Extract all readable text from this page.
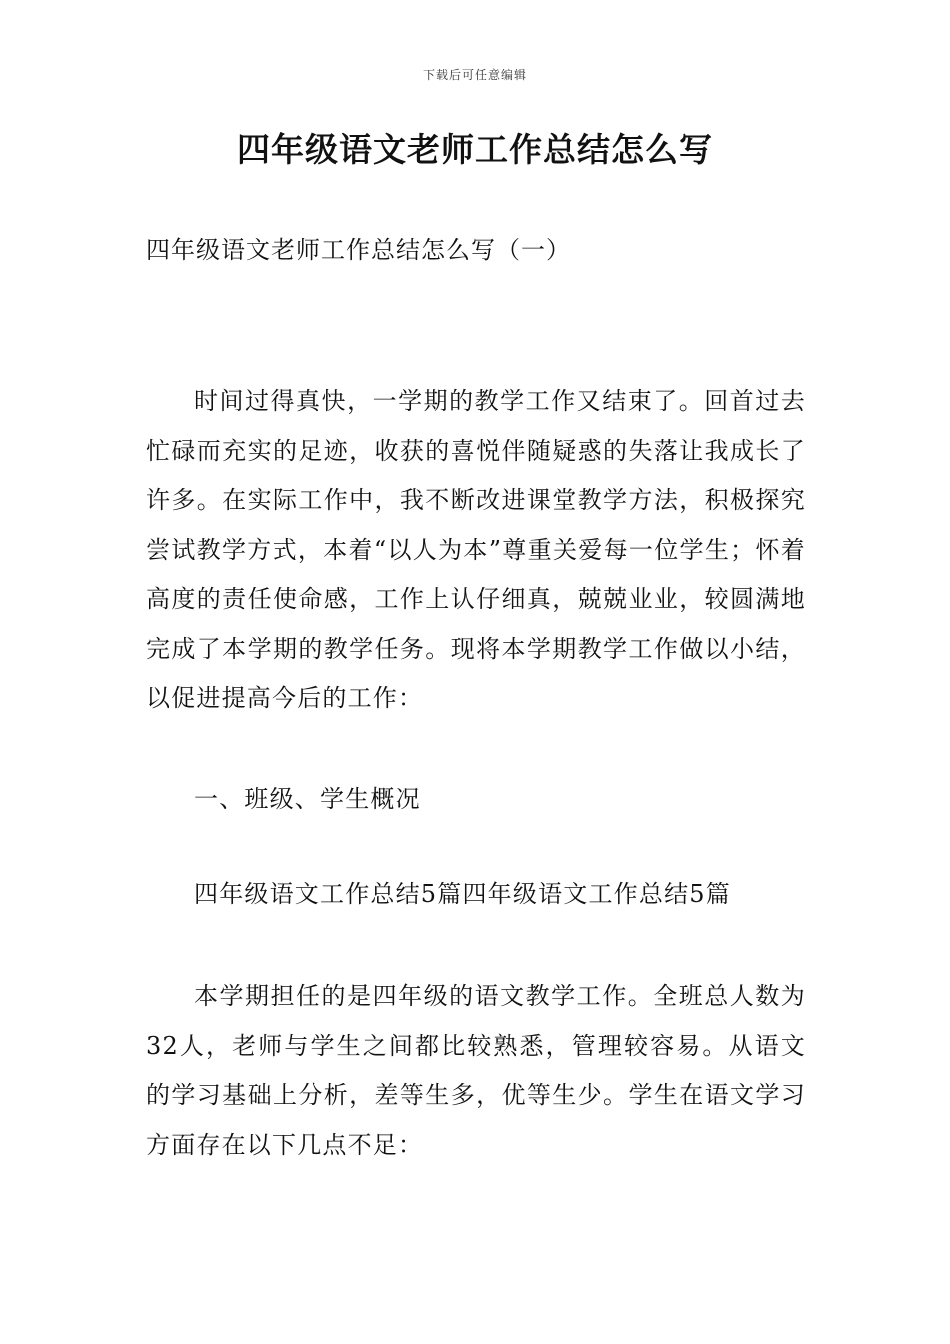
下载后可任意编辑
四年级语文老师工作总结怎么写

四年级语文老师工作总结怎么写（一）

时间过得真快，一学期的教学工作又结束了。回首过去忙碌而充实的足迹，收获的喜悦伴随疑惑的失落让我成长了许多。在实际工作中，我不断改进课堂教学方法，积极探究尝试教学方式，本着“以人为本”尊重关爱每一位学生；怀着高度的责任使命感，工作上认仔细真，兢兢业业，较圆满地完成了本学期的教学任务。现将本学期教学工作做以小结，以促进提高今后的工作：

一、班级、学生概况

四年级语文工作总结5篇四年级语文工作总结5篇

本学期担任的是四年级的语文教学工作。全班总人数为32人，老师与学生之间都比较熟悉，管理较容易。从语文的学习基础上分析，差等生多，优等生少。学生在语文学习方面存在以下几点不足：
